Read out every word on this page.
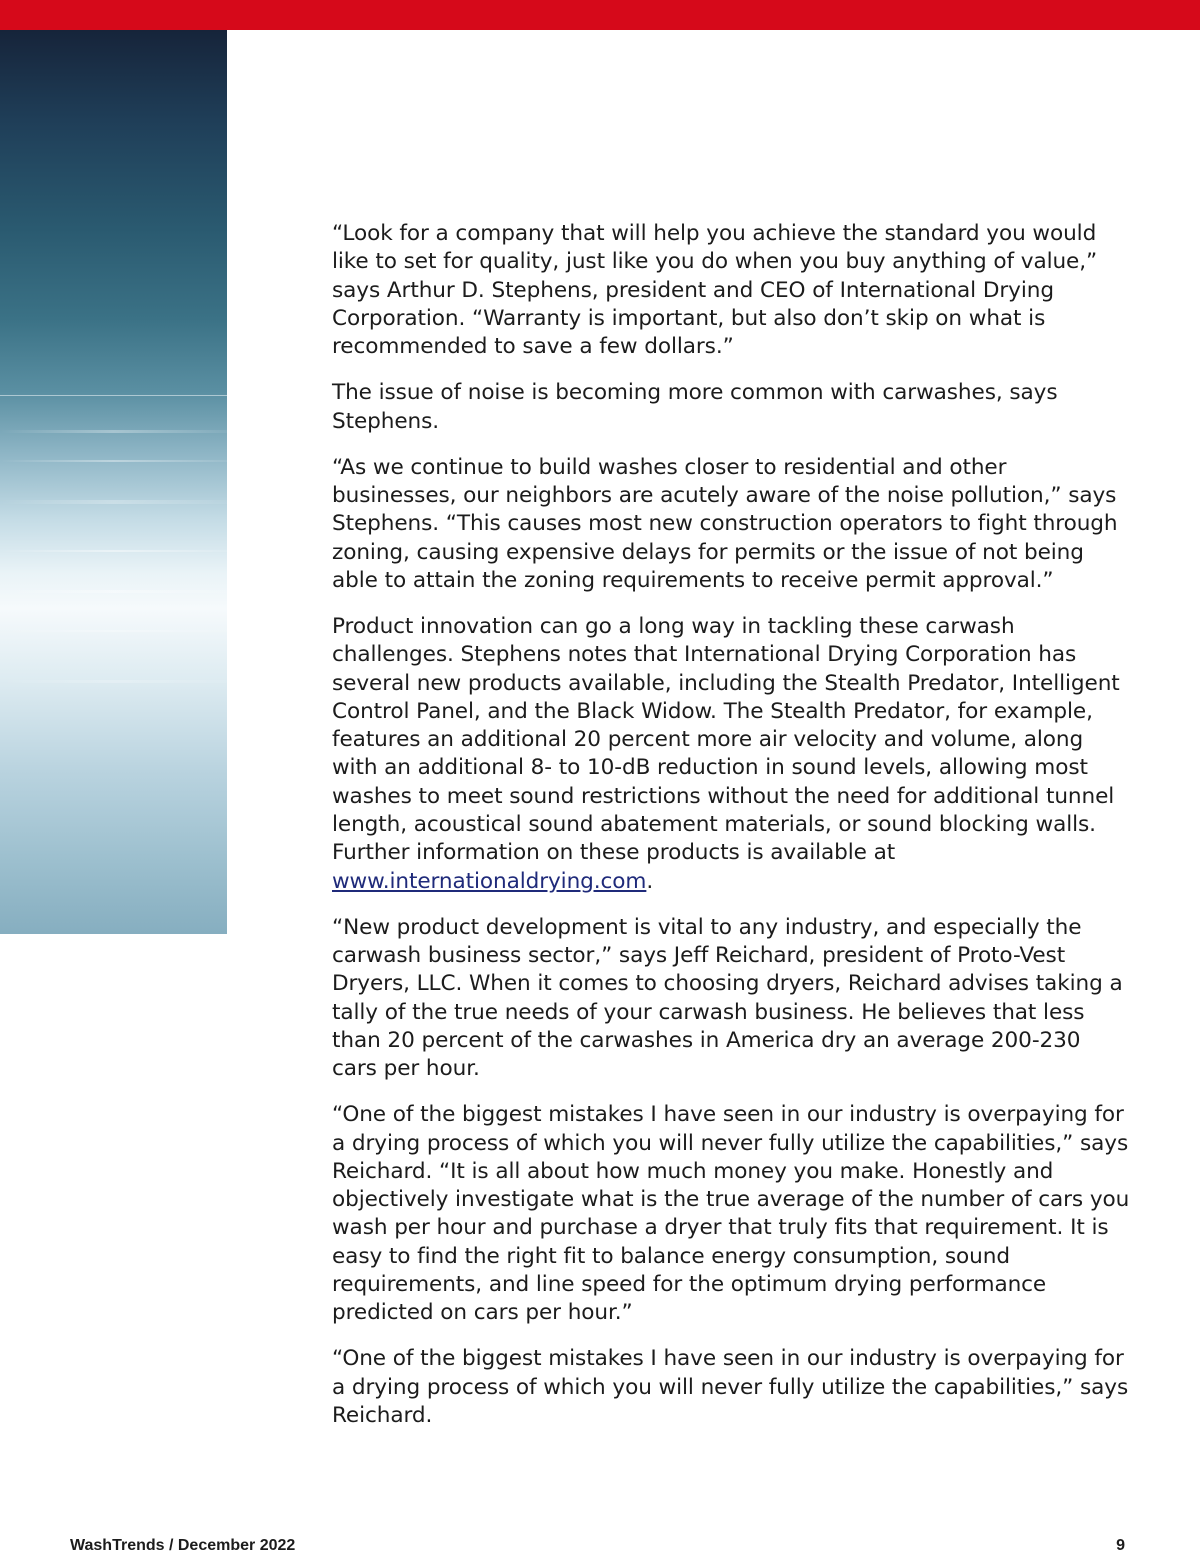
“Look for a company that will help you achieve the standard you would like to set for quality, just like you do when you buy anything of value,” says Arthur D. Stephens, president and CEO of International Drying Corporation. “Warranty is important, but also don’t skip on what is recommended to save a few dollars.”

The issue of noise is becoming more common with carwashes, says Stephens.

“As we continue to build washes closer to residential and other businesses, our neighbors are acutely aware of the noise pollution,” says Stephens. “This causes most new construction operators to fight through zoning, causing expensive delays for permits or the issue of not being able to attain the zoning requirements to receive permit approval.”

Product innovation can go a long way in tackling these carwash challenges. Stephens notes that International Drying Corporation has several new products available, including the Stealth Predator, Intelligent Control Panel, and the Black Widow. The Stealth Predator, for example, features an additional 20 percent more air velocity and volume, along with an additional 8- to 10-dB reduction in sound levels, allowing most washes to meet sound restrictions without the need for additional tunnel length, acoustical sound abatement materials, or sound blocking walls. Further information on these products is available at www.internationaldrying.com.

“New product development is vital to any industry, and especially the carwash business sector,” says Jeff Reichard, president of Proto-Vest Dryers, LLC. When it comes to choosing dryers, Reichard advises taking a tally of the true needs of your carwash business. He believes that less than 20 percent of the carwashes in America dry an average 200-230 cars per hour.

“One of the biggest mistakes I have seen in our industry is overpaying for a drying process of which you will never fully utilize the capabilities,” says Reichard. “It is all about how much money you make. Honestly and objectively investigate what is the true average of the number of cars you wash per hour and purchase a dryer that truly fits that requirement. It is easy to find the right fit to balance energy consumption, sound requirements, and line speed for the optimum drying performance predicted on cars per hour.”

“One of the biggest mistakes I have seen in our industry is overpaying for a drying process of which you will never fully utilize the capabilities,” says Reichard.

WashTrends / December 2022	9
